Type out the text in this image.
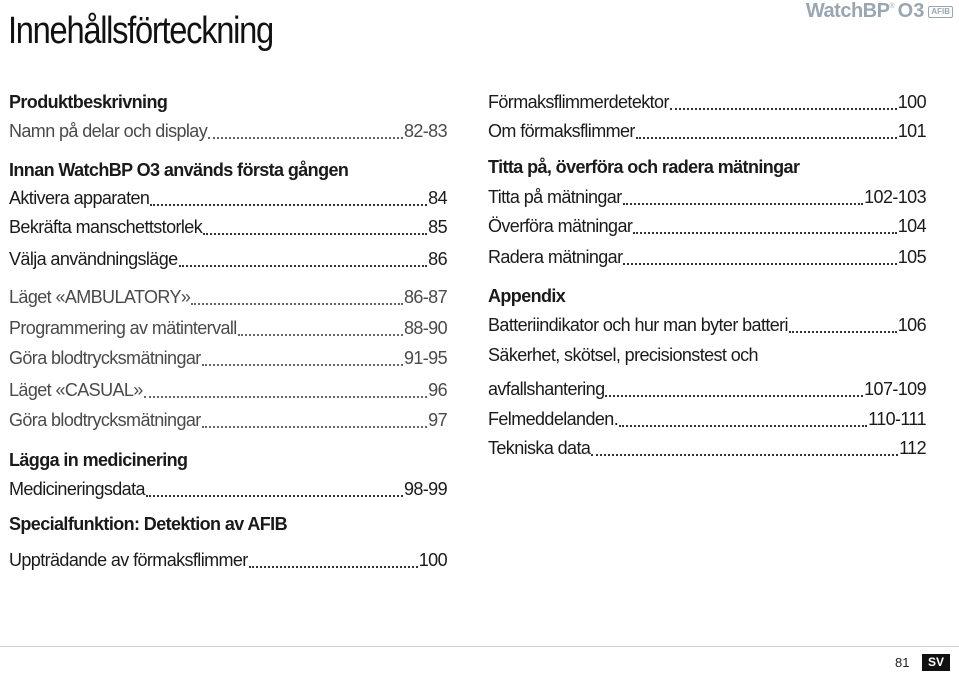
Innehållsförteckning	WatchBP ® O3 AFIB
Produktbeskrivning
Namn på delar och display	82-83
Innan WatchBP O3 används första gången
Aktivera apparaten	84
Bekräfta manschettstorlek	85
Välja användningsläge	86
Läget «AMBULATORY»	86-87
Programmering av mätintervall	88-90
Göra blodtrycksmätningar	91-95
Läget «CASUAL»	96
Göra blodtrycksmätningar	97
Lägga in medicinering
Medicineringsdata	98-99
Specialfunktion: Detektion av AFIB
Uppträdande av förmaksflimmer	100
Förmaksflimmerdetektor	100
Om förmaksflimmer	101
Titta på, överföra och radera mätningar
Titta på mätningar	102-103
Överföra mätningar	104
Radera mätningar	105
Appendix
Batteriindikator och hur man byter batteri	106
Säkerhet, skötsel, precisionstest och
avfallshantering	107-109
Felmeddelanden.	110-111
Tekniska data	112
81	SV
